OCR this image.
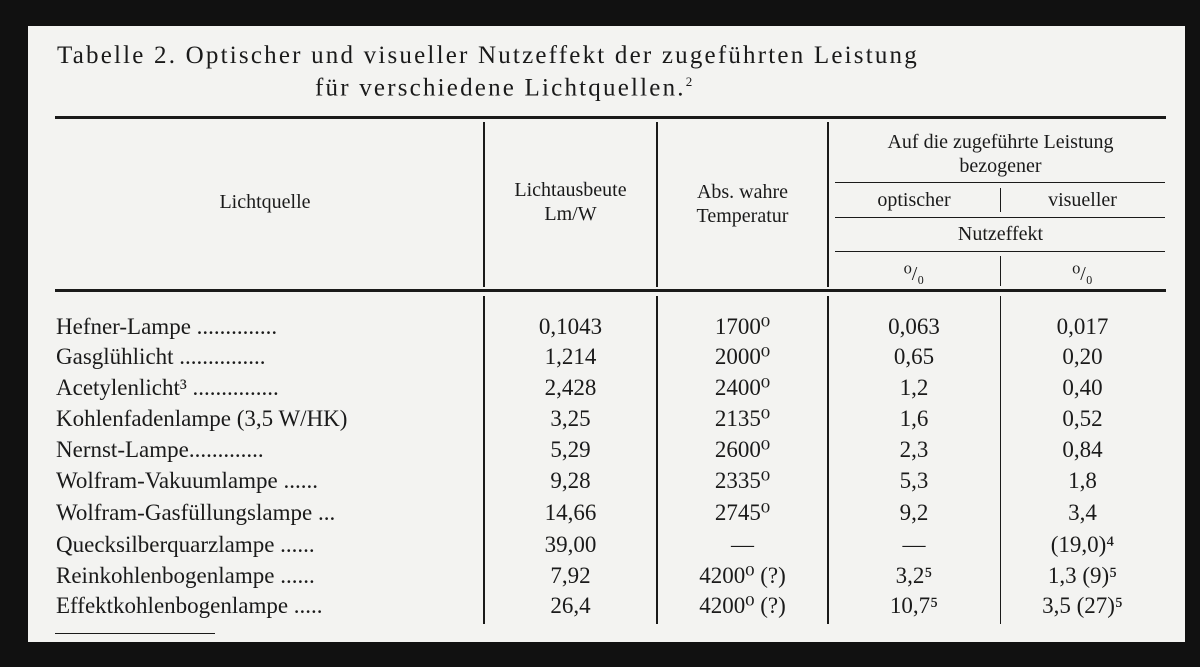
Tabelle 2. Optischer und visueller Nutzeffekt der zugeführten Leistung
für verschiedene Lichtquellen.$^2$
Lichtquelle
Lichtausbeute
Lm/W
Abs. wahre
Temperatur
Auf die zugeführte Leistung
bezogener
optischer	visueller
Nutzeffekt
⁰/₀	⁰/₀
Hefner-Lampe ..............	0,1043	1700⁰	0,063	0,017
Gasglühlicht ...............	1,214	2000⁰	0,65	0,20
Acetylenlicht³ ...............	2,428	2400⁰	1,2	0,40
Kohlenfadenlampe (3,5 W/HK)	3,25	2135⁰	1,6	0,52
Nernst-Lampe.............	5,29	2600⁰	2,3	0,84
Wolfram-Vakuumlampe ......	9,28	2335⁰	5,3	1,8
Wolfram-Gasfüllungslampe ...	14,66	2745⁰	9,2	3,4
Quecksilberquarzlampe ......	39,00	—	—	(19,0)⁴
Reinkohlenbogenlampe ......	7,92	4200⁰ (?)	3,2⁵	1,3 (9)⁵
Effektkohlenbogenlampe .....	26,4	4200⁰ (?)	10,7⁵	3,5 (27)⁵
